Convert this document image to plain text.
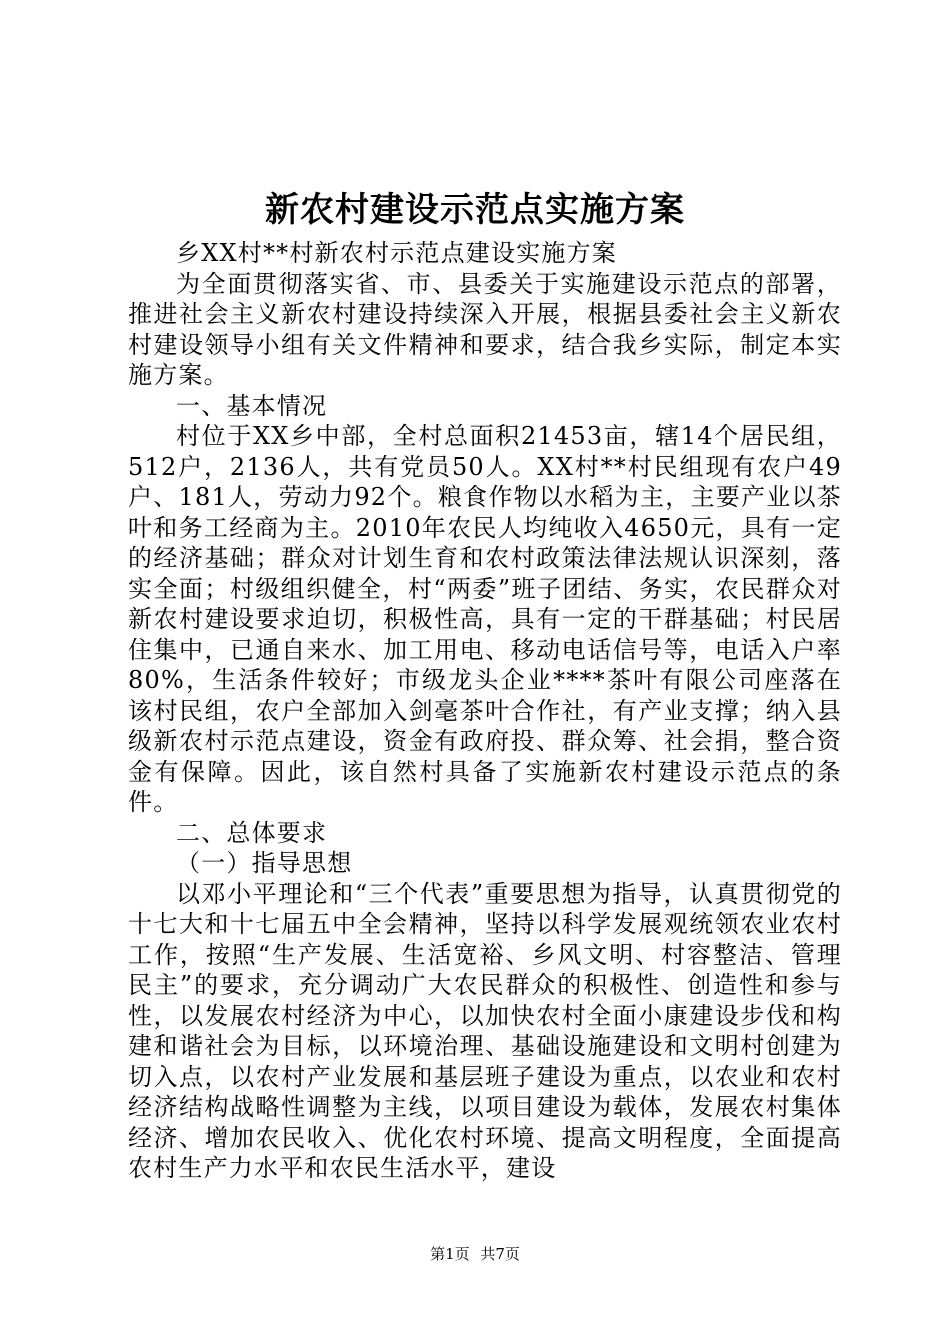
新农村建设示范点实施方案

乡XX村**村新农村示范点建设实施方案

为全面贯彻落实省、市、县委关于实施建设示范点的部署，推进社会主义新农村建设持续深入开展，根据县委社会主义新农村建设领导小组有关文件精神和要求，结合我乡实际，制定本实施方案。

一、基本情况

村位于XX乡中部，全村总面积21453亩，辖14个居民组，512户，2136人，共有党员50人。XX村**村民组现有农户49户、181人，劳动力92个。粮食作物以水稻为主，主要产业以茶叶和务工经商为主。2010年农民人均纯收入4650元，具有一定的经济基础；群众对计划生育和农村政策法律法规认识深刻，落实全面；村级组织健全，村“两委”班子团结、务实，农民群众对新农村建设要求迫切，积极性高，具有一定的干群基础；村民居住集中，已通自来水、加工用电、移动电话信号等，电话入户率80%，生活条件较好；市级龙头企业****茶叶有限公司座落在该村民组，农户全部加入剑毫茶叶合作社，有产业支撑；纳入县级新农村示范点建设，资金有政府投、群众筹、社会捐，整合资金有保障。因此，该自然村具备了实施新农村建设示范点的条件。

二、总体要求

（一）指导思想

以邓小平理论和“三个代表”重要思想为指导，认真贯彻党的十七大和十七届五中全会精神，坚持以科学发展观统领农业农村工作，按照“生产发展、生活宽裕、乡风文明、村容整洁、管理民主”的要求，充分调动广大农民群众的积极性、创造性和参与性，以发展农村经济为中心，以加快农村全面小康建设步伐和构建和谐社会为目标，以环境治理、基础设施建设和文明村创建为切入点，以农村产业发展和基层班子建设为重点，以农业和农村经济结构战略性调整为主线，以项目建设为载体，发展农村集体经济、增加农民收入、优化农村环境、提高文明程度，全面提高农村生产力水平和农民生活水平，建设

第1页 共7页
